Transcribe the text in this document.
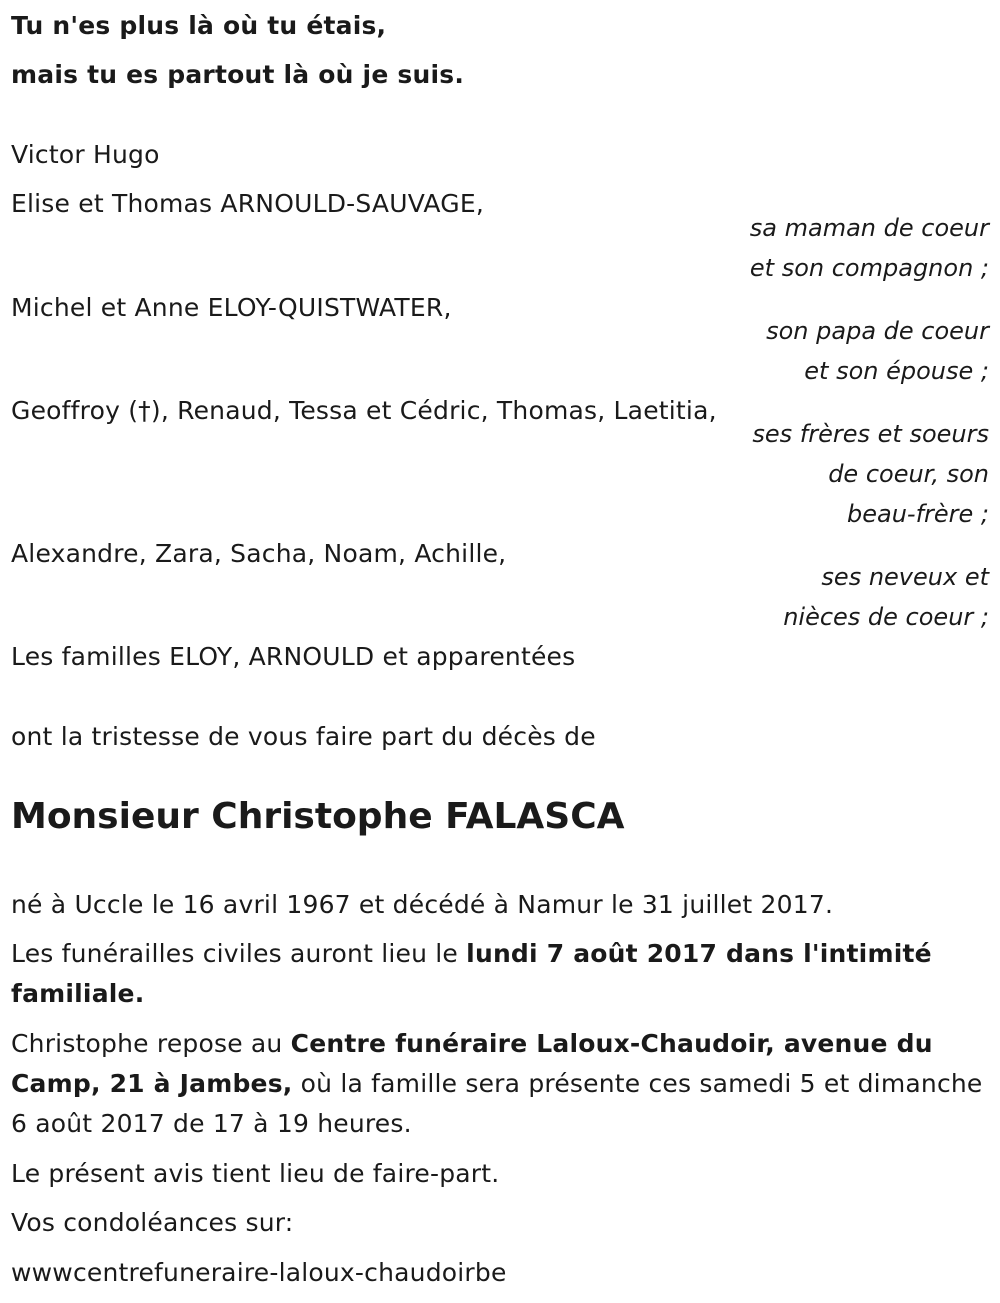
Tu n'es plus là où tu étais,
mais tu es partout là où je suis.
Victor Hugo
Elise et Thomas ARNOULD-SAUVAGE,
sa maman de coeur
et son compagnon ;
Michel et Anne ELOY-QUISTWATER,
son papa de coeur
et son épouse ;
Geoffroy (†), Renaud, Tessa et Cédric, Thomas, Laetitia,
ses frères et soeurs
de coeur, son
beau-frère ;
Alexandre, Zara, Sacha, Noam, Achille,
ses neveux et
nièces de coeur ;
Les familles ELOY, ARNOULD et apparentées
ont la tristesse de vous faire part du décès de
Monsieur Christophe FALASCA
né à Uccle le 16 avril 1967 et décédé à Namur le 31 juillet 2017.
Les funérailles civiles auront lieu le lundi 7 août 2017 dans l'intimité
familiale.
Christophe repose au Centre funéraire Laloux-Chaudoir, avenue du
Camp, 21 à Jambes, où la famille sera présente ces samedi 5 et dimanche
6 août 2017 de 17 à 19 heures.
Le présent avis tient lieu de faire-part.
Vos condoléances sur:
wwwcentrefuneraire-laloux-chaudoirbe
